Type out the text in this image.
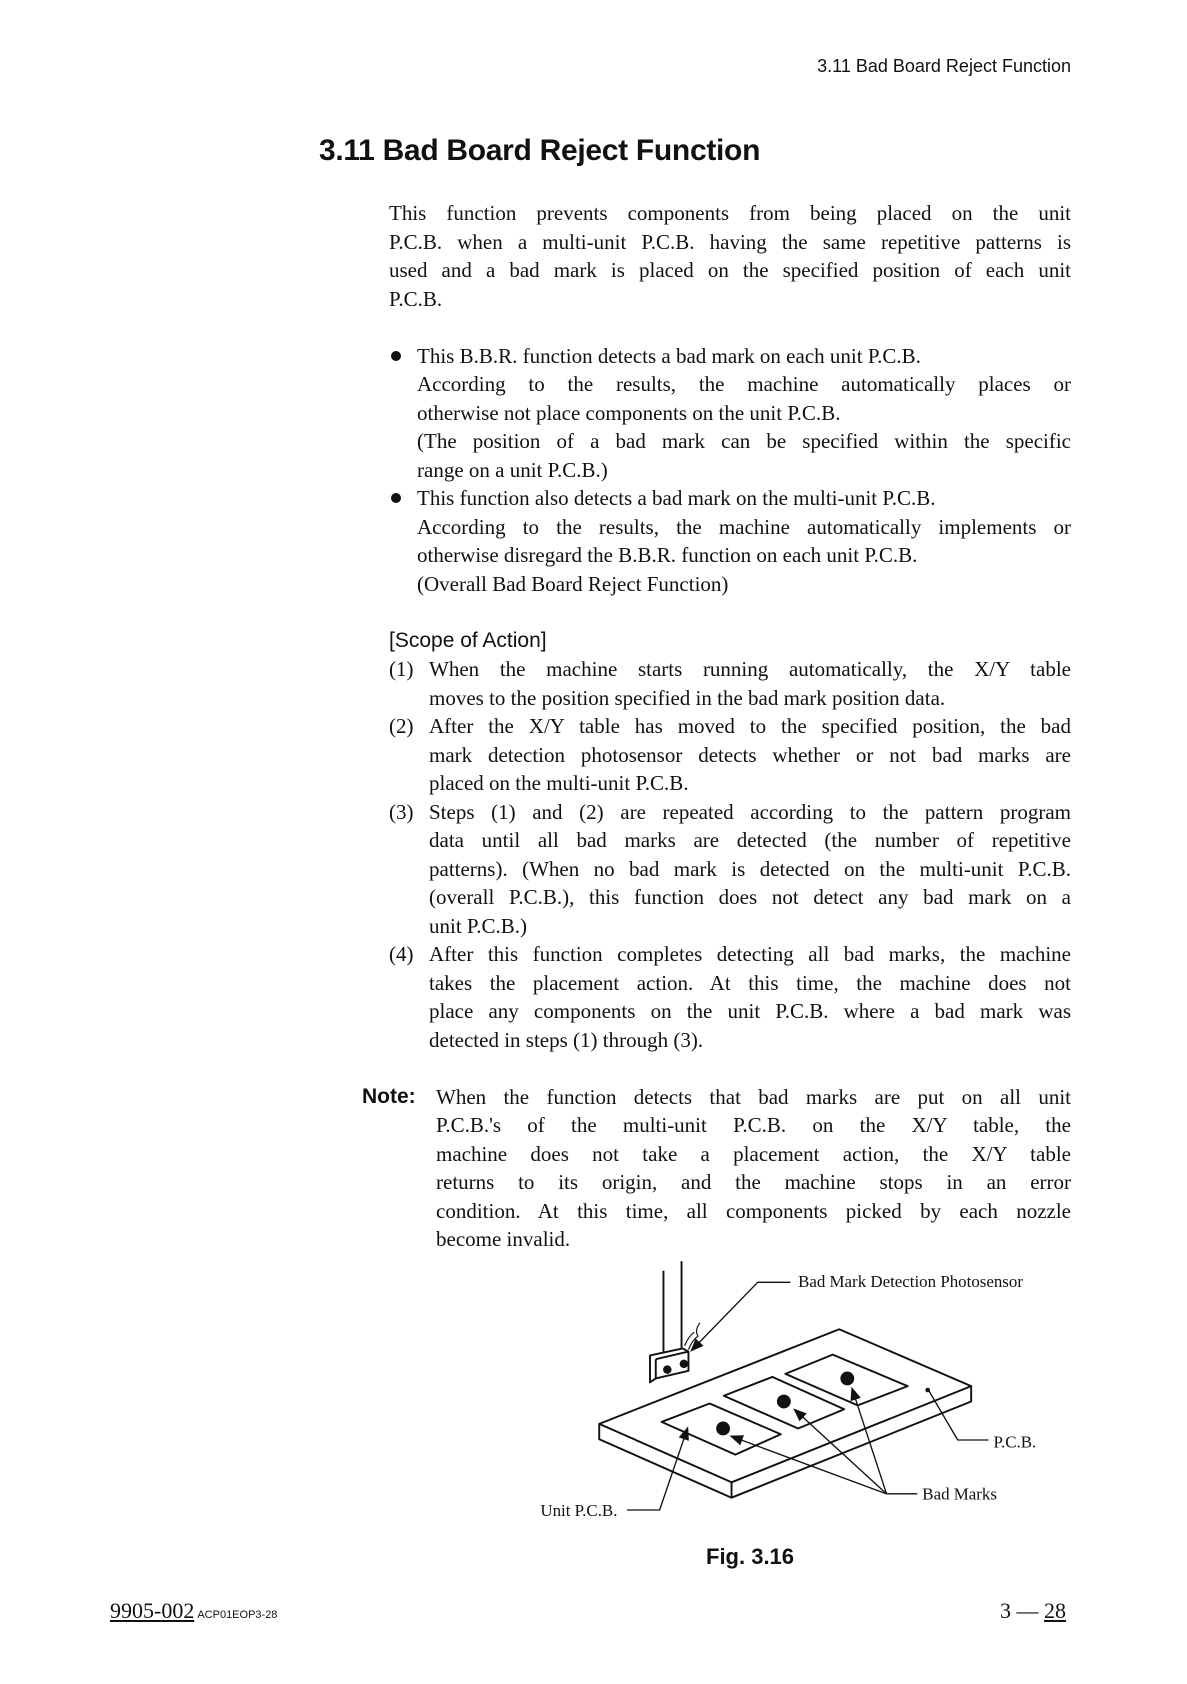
3.11 Bad Board Reject Function
3.11 Bad Board Reject Function
This function prevents components from being placed on the unit
P.C.B. when a multi-unit P.C.B. having the same repetitive patterns is
used and a bad mark is placed on the specified position of each unit
P.C.B.
This B.B.R. function detects a bad mark on each unit P.C.B.
According to the results, the machine automatically places or
otherwise not place components on the unit P.C.B.
(The position of a bad mark can be specified within the specific
range on a unit P.C.B.)
This function also detects a bad mark on the multi-unit P.C.B.
According to the results, the machine automatically implements or
otherwise disregard the B.B.R. function on each unit P.C.B.
(Overall Bad Board Reject Function)
[Scope of Action]
(1) When the machine starts running automatically, the X/Y table
moves to the position specified in the bad mark position data.
(2) After the X/Y table has moved to the specified position, the bad
mark detection photosensor detects whether or not bad marks are
placed on the multi-unit P.C.B.
(3) Steps (1) and (2) are repeated according to the pattern program
data until all bad marks are detected (the number of repetitive
patterns). (When no bad mark is detected on the multi-unit P.C.B.
(overall P.C.B.), this function does not detect any bad mark on a
unit P.C.B.)
(4) After this function completes detecting all bad marks, the machine
takes the placement action. At this time, the machine does not
place any components on the unit P.C.B. where a bad mark was
detected in steps (1) through (3).
Note: When the function detects that bad marks are put on all unit
P.C.B.'s of the multi-unit P.C.B. on the X/Y table, the
machine does not take a placement action, the X/Y table
returns to its origin, and the machine stops in an error
condition. At this time, all components picked by each nozzle
become invalid.
Bad Mark Detection Photosensor
P.C.B.
Bad Marks
Unit P.C.B.
Fig. 3.16
9905-002 ACP01EOP3-28	3 — 28
